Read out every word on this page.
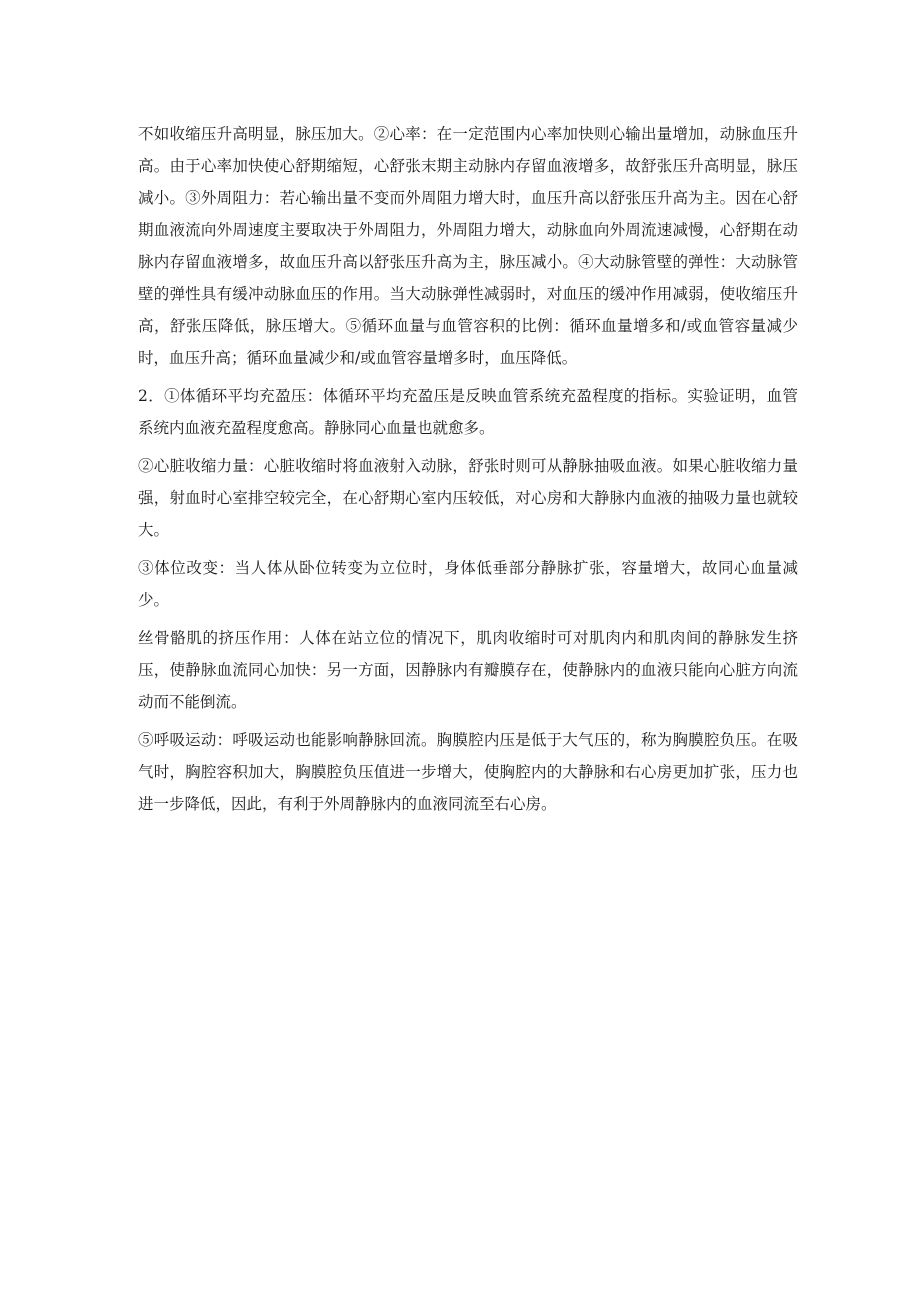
不如收缩压升高明显，脉压加大。②心率：在一定范围内心率加快则心输出量增加，动脉血压升高。由于心率加快使心舒期缩短，心舒张末期主动脉内存留血液增多，故舒张压升高明显，脉压减小。③外周阻力：若心输出量不变而外周阻力增大时，血压升高以舒张压升高为主。因在心舒期血液流向外周速度主要取决于外周阻力，外周阻力增大，动脉血向外周流速减慢，心舒期在动脉内存留血液增多，故血压升高以舒张压升高为主，脉压减小。④大动脉管壁的弹性：大动脉管壁的弹性具有缓冲动脉血压的作用。当大动脉弹性减弱时，对血压的缓冲作用减弱，使收缩压升高，舒张压降低，脉压增大。⑤循环血量与血管容积的比例：循环血量增多和/或血管容量减少时，血压升高；循环血量减少和/或血管容量增多时，血压降低。

2．①体循环平均充盈压：体循环平均充盈压是反映血管系统充盈程度的指标。实验证明，血管系统内血液充盈程度愈高。静脉同心血量也就愈多。

②心脏收缩力量：心脏收缩时将血液射入动脉，舒张时则可从静脉抽吸血液。如果心脏收缩力量强，射血时心室排空较完全，在心舒期心室内压较低，对心房和大静脉内血液的抽吸力量也就较大。

③体位改变：当人体从卧位转变为立位时，身体低垂部分静脉扩张，容量增大，故同心血量减少。

丝骨骼肌的挤压作用：人体在站立位的情况下，肌肉收缩时可对肌肉内和肌肉间的静脉发生挤压，使静脉血流同心加快：另一方面，因静脉内有瓣膜存在，使静脉内的血液只能向心脏方向流动而不能倒流。

⑤呼吸运动：呼吸运动也能影响静脉回流。胸膜腔内压是低于大气压的，称为胸膜腔负压。在吸气时，胸腔容积加大，胸膜腔负压值进一步增大，使胸腔内的大静脉和右心房更加扩张，压力也进一步降低，因此，有利于外周静脉内的血液同流至右心房。
